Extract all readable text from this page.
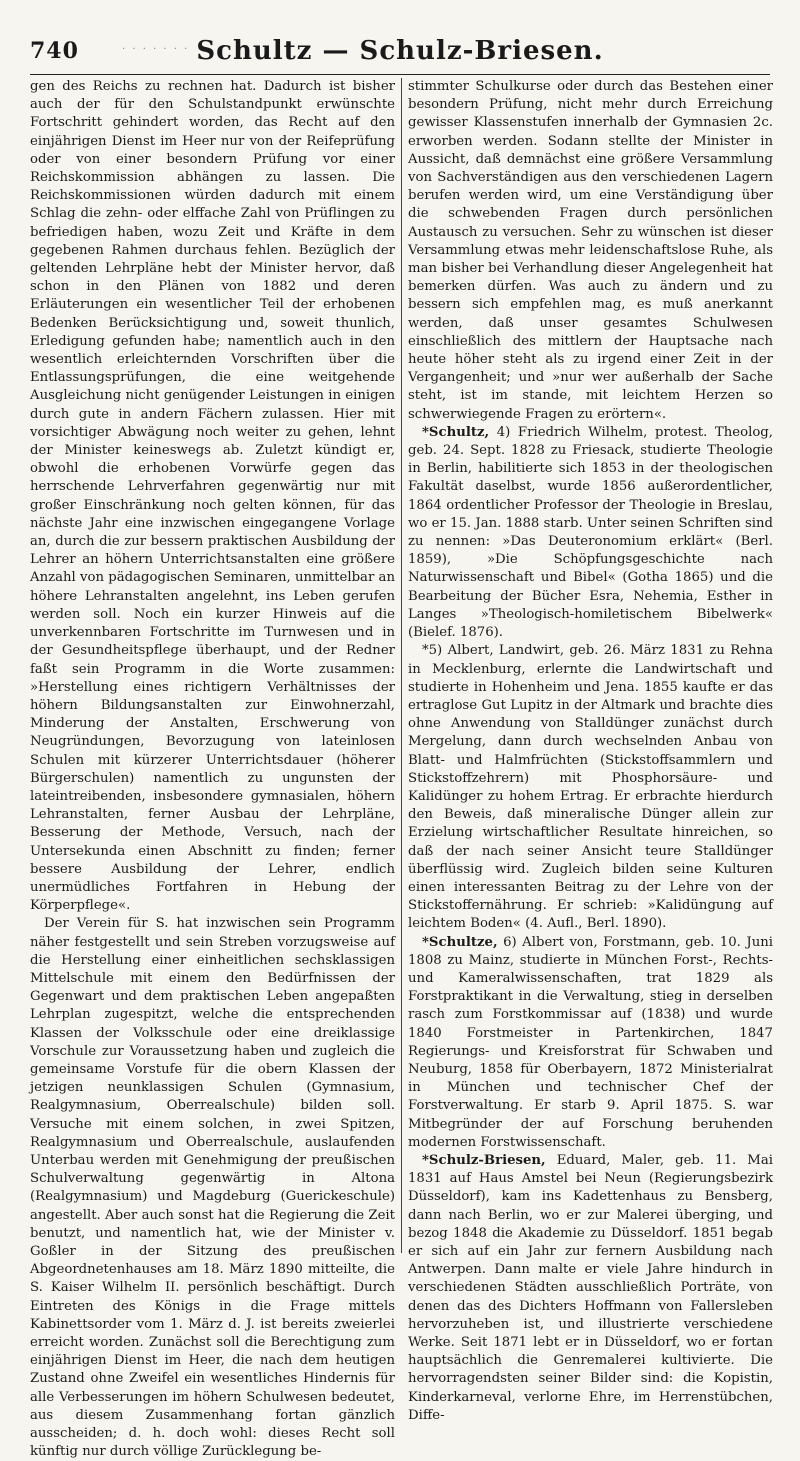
740	· · · · · · · Schultz — Schulz-Briesen.

gen des Reichs zu rechnen hat. Dadurch ist bisher auch der für den Schulstandpunkt erwünschte Fortschritt gehindert worden, das Recht auf den einjährigen Dienst im Heer nur von der Reifeprüfung oder von einer besondern Prüfung vor einer Reichskommission abhängen zu lassen. Die Reichskommissionen würden dadurch mit einem Schlag die zehn- oder elffache Zahl von Prüflingen zu befriedigen haben, wozu Zeit und Kräfte in dem gegebenen Rahmen durchaus fehlen. Bezüglich der geltenden Lehrpläne hebt der Minister hervor, daß schon in den Plänen von 1882 und deren Erläuterungen ein wesentlicher Teil der erhobenen Bedenken Berücksichtigung und, soweit thunlich, Erledigung gefunden habe; namentlich auch in den wesentlich erleichternden Vorschriften über die Entlassungsprüfungen, die eine weitgehende Ausgleichung nicht genügender Leistungen in einigen durch gute in andern Fächern zulassen. Hier mit vorsichtiger Abwägung noch weiter zu gehen, lehnt der Minister keineswegs ab. Zuletzt kündigt er, obwohl die erhobenen Vorwürfe gegen das herrschende Lehrverfahren gegenwärtig nur mit großer Einschränkung noch gelten können, für das nächste Jahr eine inzwischen eingegangene Vorlage an, durch die zur bessern praktischen Ausbildung der Lehrer an höhern Unterrichtsanstalten eine größere Anzahl von pädagogischen Seminaren, unmittelbar an höhere Lehranstalten angelehnt, ins Leben gerufen werden soll. Noch ein kurzer Hinweis auf die unverkennbaren Fortschritte im Turnwesen und in der Gesundheitspflege überhaupt, und der Redner faßt sein Programm in die Worte zusammen: »Herstellung eines richtigern Verhältnisses der höhern Bildungsanstalten zur Einwohnerzahl, Minderung der Anstalten, Erschwerung von Neugründungen, Bevorzugung von lateinlosen Schulen mit kürzerer Unterrichtsdauer (höherer Bürgerschulen) namentlich zu ungunsten der lateintreibenden, insbesondere gymnasialen, höhern Lehranstalten, ferner Ausbau der Lehrpläne, Besserung der Methode, Versuch, nach der Untersekunda einen Abschnitt zu finden; ferner bessere Ausbildung der Lehrer, endlich unermüdliches Fortfahren in Hebung der Körperpflege«.

Der Verein für S. hat inzwischen sein Programm näher festgestellt und sein Streben vorzugsweise auf die Herstellung einer einheitlichen sechsklassigen Mittelschule mit einem den Bedürfnissen der Gegenwart und dem praktischen Leben angepaßten Lehrplan zugespitzt, welche die entsprechenden Klassen der Volksschule oder eine dreiklassige Vorschule zur Voraussetzung haben und zugleich die gemeinsame Vorstufe für die obern Klassen der jetzigen neunklassigen Schulen (Gymnasium, Realgymnasium, Oberrealschule) bilden soll. Versuche mit einem solchen, in zwei Spitzen, Realgymnasium und Oberrealschule, auslaufenden Unterbau werden mit Genehmigung der preußischen Schulverwaltung gegenwärtig in Altona (Realgymnasium) und Magdeburg (Guerickeschule) angestellt. Aber auch sonst hat die Regierung die Zeit benutzt, und namentlich hat, wie der Minister v. Goßler in der Sitzung des preußischen Abgeordnetenhauses am 18. März 1890 mitteilte, die S. Kaiser Wilhelm II. persönlich beschäftigt. Durch Eintreten des Königs in die Frage mittels Kabinettsorder vom 1. März d. J. ist bereits zweierlei erreicht worden. Zunächst soll die Berechtigung zum einjährigen Dienst im Heer, die nach dem heutigen Zustand ohne Zweifel ein wesentliches Hindernis für alle Verbesserungen im höhern Schulwesen bedeutet, aus diesem Zusammenhang fortan gänzlich ausscheiden; d. h. doch wohl: dieses Recht soll künftig nur durch völlige Zurücklegung be-

stimmter Schulkurse oder durch das Bestehen einer besondern Prüfung, nicht mehr durch Erreichung gewisser Klassenstufen innerhalb der Gymnasien 2c. erworben werden. Sodann stellte der Minister in Aussicht, daß demnächst eine größere Versammlung von Sachverständigen aus den verschiedenen Lagern berufen werden wird, um eine Verständigung über die schwebenden Fragen durch persönlichen Austausch zu versuchen. Sehr zu wünschen ist dieser Versammlung etwas mehr leidenschaftslose Ruhe, als man bisher bei Verhandlung dieser Angelegenheit hat bemerken dürfen. Was auch zu ändern und zu bessern sich empfehlen mag, es muß anerkannt werden, daß unser gesamtes Schulwesen einschließlich des mittlern der Hauptsache nach heute höher steht als zu irgend einer Zeit in der Vergangenheit; und »nur wer außerhalb der Sache steht, ist im stande, mit leichtem Herzen so schwerwiegende Fragen zu erörtern«.

*Schultz, 4) Friedrich Wilhelm, protest. Theolog, geb. 24. Sept. 1828 zu Friesack, studierte Theologie in Berlin, habilitierte sich 1853 in der theologischen Fakultät daselbst, wurde 1856 außerordentlicher, 1864 ordentlicher Professor der Theologie in Breslau, wo er 15. Jan. 1888 starb. Unter seinen Schriften sind zu nennen: »Das Deuteronomium erklärt« (Berl. 1859), »Die Schöpfungsgeschichte nach Naturwissenschaft und Bibel« (Gotha 1865) und die Bearbeitung der Bücher Esra, Nehemia, Esther in Langes »Theologisch-homiletischem Bibelwerk« (Bielef. 1876).

*5) Albert, Landwirt, geb. 26. März 1831 zu Rehna in Mecklenburg, erlernte die Landwirtschaft und studierte in Hohenheim und Jena. 1855 kaufte er das ertraglose Gut Lupitz in der Altmark und brachte dies ohne Anwendung von Stalldünger zunächst durch Mergelung, dann durch wechselnden Anbau von Blatt- und Halmfrüchten (Stickstoffsammlern und Stickstoffzehrern) mit Phosphorsäure- und Kalidünger zu hohem Ertrag. Er erbrachte hierdurch den Beweis, daß mineralische Dünger allein zur Erzielung wirtschaftlicher Resultate hinreichen, so daß der nach seiner Ansicht teure Stalldünger überflüssig wird. Zugleich bilden seine Kulturen einen interessanten Beitrag zu der Lehre von der Stickstoffernährung. Er schrieb: »Kalidüngung auf leichtem Boden« (4. Aufl., Berl. 1890).

*Schultze, 6) Albert von, Forstmann, geb. 10. Juni 1808 zu Mainz, studierte in München Forst-, Rechts- und Kameralwissenschaften, trat 1829 als Forstpraktikant in die Verwaltung, stieg in derselben rasch zum Forstkommissar auf (1838) und wurde 1840 Forstmeister in Partenkirchen, 1847 Regierungs- und Kreisforstrat für Schwaben und Neuburg, 1858 für Oberbayern, 1872 Ministerialrat in München und technischer Chef der Forstverwaltung. Er starb 9. April 1875. S. war Mitbegründer der auf Forschung beruhenden modernen Forstwissenschaft.

*Schulz-Briesen, Eduard, Maler, geb. 11. Mai 1831 auf Haus Amstel bei Neun (Regierungsbezirk Düsseldorf), kam ins Kadettenhaus zu Bensberg, dann nach Berlin, wo er zur Malerei überging, und bezog 1848 die Akademie zu Düsseldorf. 1851 begab er sich auf ein Jahr zur fernern Ausbildung nach Antwerpen. Dann malte er viele Jahre hindurch in verschiedenen Städten ausschließlich Porträte, von denen das des Dichters Hoffmann von Fallersleben hervorzuheben ist, und illustrierte verschiedene Werke. Seit 1871 lebt er in Düsseldorf, wo er fortan hauptsächlich die Genremalerei kultivierte. Die hervorragendsten seiner Bilder sind: die Kopistin, Kinderkarneval, verlorne Ehre, im Herrenstübchen, Diffe-
